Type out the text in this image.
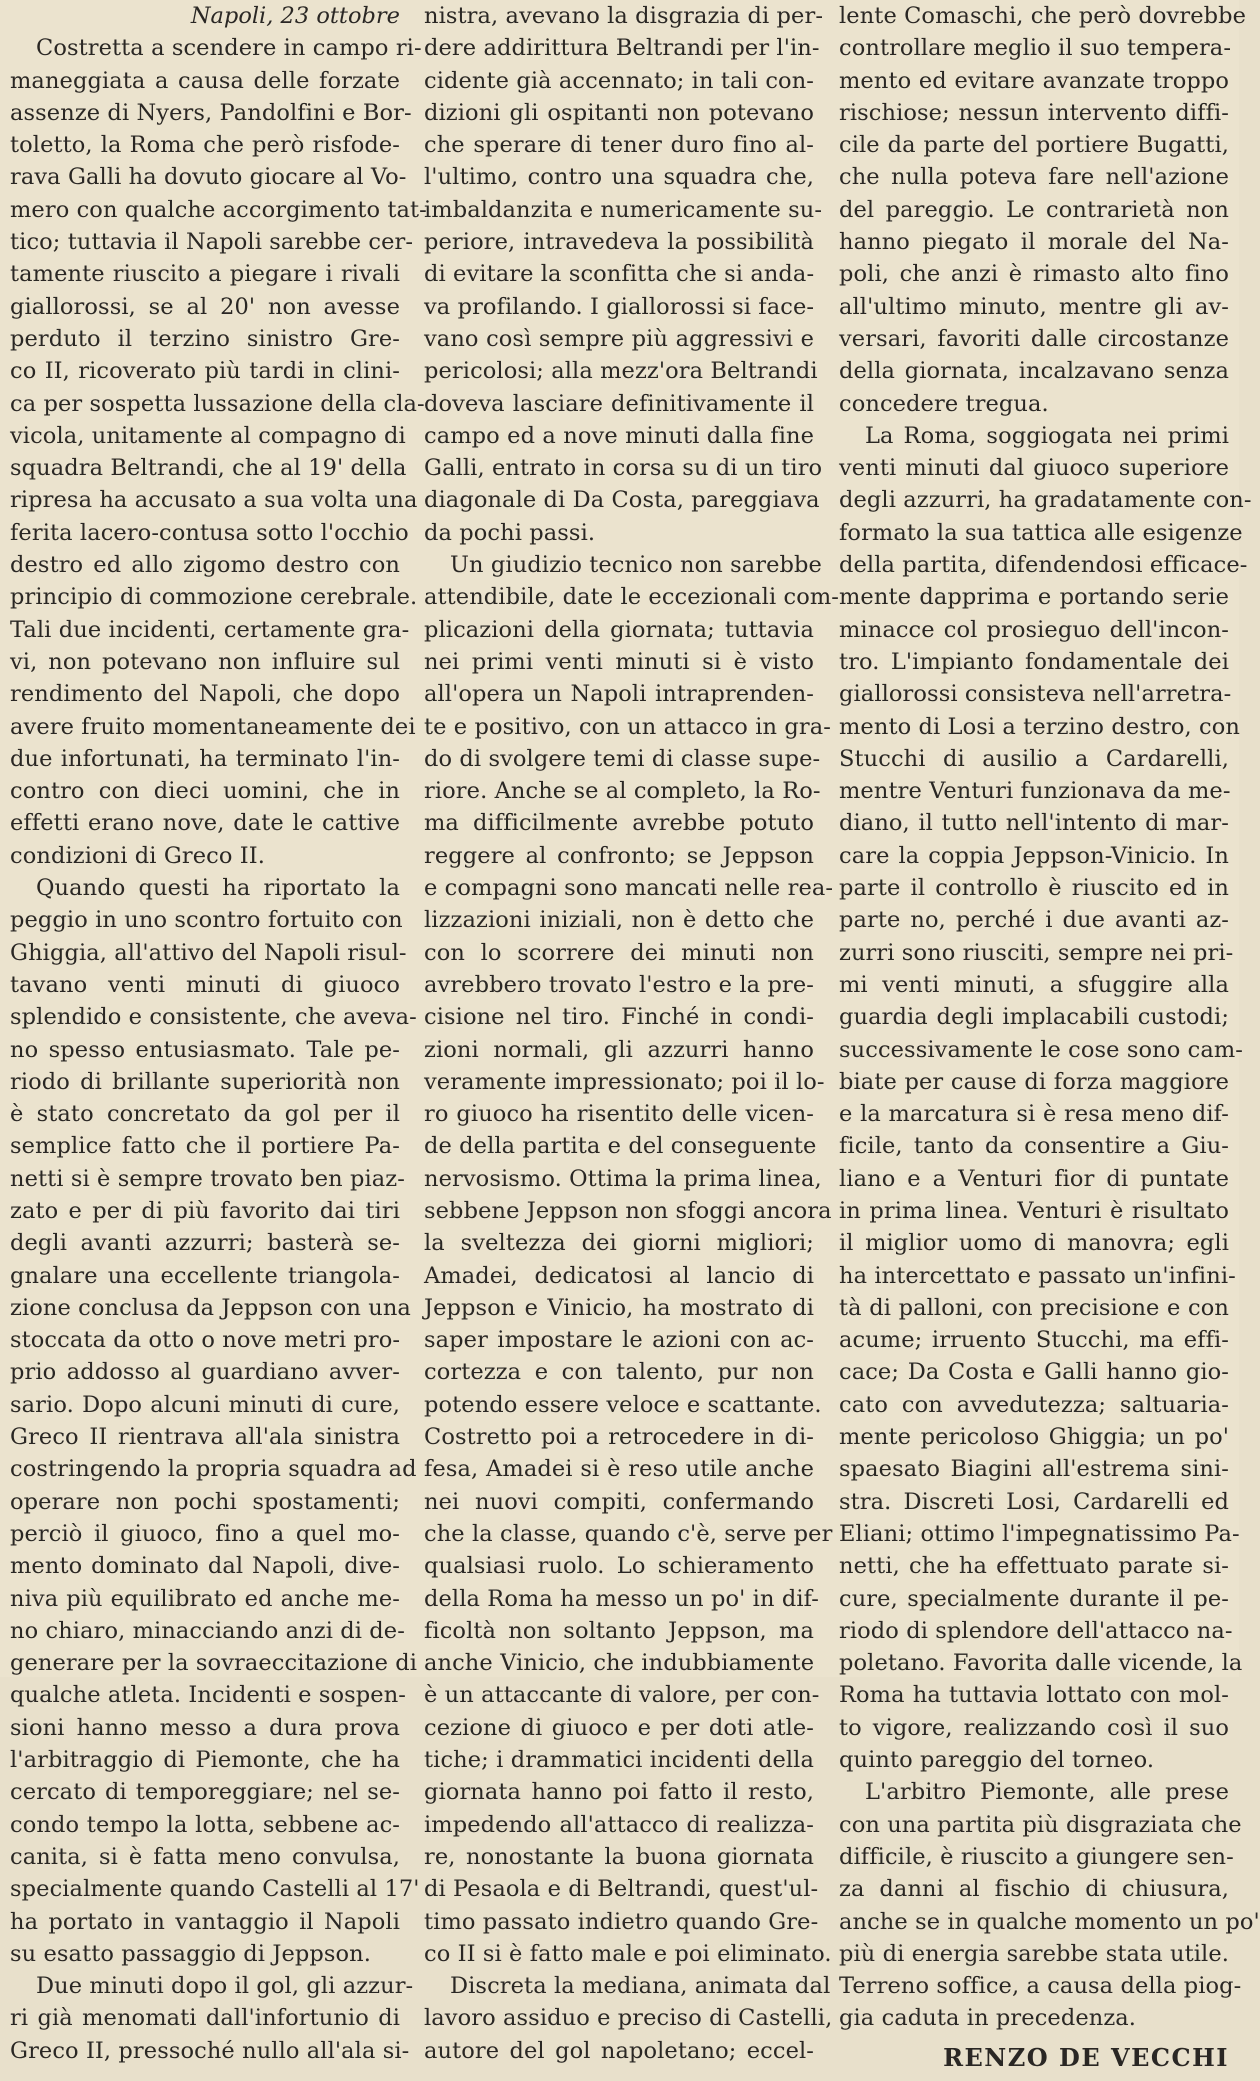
Napoli, 23 ottobre
Costretta a scendere in campo ri-
maneggiata a causa delle forzate
assenze di Nyers, Pandolfini e Bor-
toletto, la Roma che però risfode-
rava Galli ha dovuto giocare al Vo-
mero con qualche accorgimento tat-
tico; tuttavia il Napoli sarebbe cer-
tamente riuscito a piegare i rivali
giallorossi, se al 20' non avesse
perduto il terzino sinistro Gre-
co II, ricoverato più tardi in clini-
ca per sospetta lussazione della cla-
vicola, unitamente al compagno di
squadra Beltrandi, che al 19' della
ripresa ha accusato a sua volta una
ferita lacero-contusa sotto l'occhio
destro ed allo zigomo destro con
principio di commozione cerebrale.
Tali due incidenti, certamente gra-
vi, non potevano non influire sul
rendimento del Napoli, che dopo
avere fruito momentaneamente dei
due infortunati, ha terminato l'in-
contro con dieci uomini, che in
effetti erano nove, date le cattive
condizioni di Greco II.
Quando questi ha riportato la
peggio in uno scontro fortuito con
Ghiggia, all'attivo del Napoli risul-
tavano venti minuti di giuoco
splendido e consistente, che aveva-
no spesso entusiasmato. Tale pe-
riodo di brillante superiorità non
è stato concretato da gol per il
semplice fatto che il portiere Pa-
netti si è sempre trovato ben piaz-
zato e per di più favorito dai tiri
degli avanti azzurri; basterà se-
gnalare una eccellente triangola-
zione conclusa da Jeppson con una
stoccata da otto o nove metri pro-
prio addosso al guardiano avver-
sario. Dopo alcuni minuti di cure,
Greco II rientrava all'ala sinistra
costringendo la propria squadra ad
operare non pochi spostamenti;
perciò il giuoco, fino a quel mo-
mento dominato dal Napoli, dive-
niva più equilibrato ed anche me-
no chiaro, minacciando anzi di de-
generare per la sovraeccitazione di
qualche atleta. Incidenti e sospen-
sioni hanno messo a dura prova
l'arbitraggio di Piemonte, che ha
cercato di temporeggiare; nel se-
condo tempo la lotta, sebbene ac-
canita, si è fatta meno convulsa,
specialmente quando Castelli al 17'
ha portato in vantaggio il Napoli
su esatto passaggio di Jeppson.
Due minuti dopo il gol, gli azzur-
ri già menomati dall'infortunio di
Greco II, pressoché nullo all'ala si-
nistra, avevano la disgrazia di per-
dere addirittura Beltrandi per l'in-
cidente già accennato; in tali con-
dizioni gli ospitanti non potevano
che sperare di tener duro fino al-
l'ultimo, contro una squadra che,
imbaldanzita e numericamente su-
periore, intravedeva la possibilità
di evitare la sconfitta che si anda-
va profilando. I giallorossi si face-
vano così sempre più aggressivi e
pericolosi; alla mezz'ora Beltrandi
doveva lasciare definitivamente il
campo ed a nove minuti dalla fine
Galli, entrato in corsa su di un tiro
diagonale di Da Costa, pareggiava
da pochi passi.
Un giudizio tecnico non sarebbe
attendibile, date le eccezionali com-
plicazioni della giornata; tuttavia
nei primi venti minuti si è visto
all'opera un Napoli intraprenden-
te e positivo, con un attacco in gra-
do di svolgere temi di classe supe-
riore. Anche se al completo, la Ro-
ma difficilmente avrebbe potuto
reggere al confronto; se Jeppson
e compagni sono mancati nelle rea-
lizzazioni iniziali, non è detto che
con lo scorrere dei minuti non
avrebbero trovato l'estro e la pre-
cisione nel tiro. Finché in condi-
zioni normali, gli azzurri hanno
veramente impressionato; poi il lo-
ro giuoco ha risentito delle vicen-
de della partita e del conseguente
nervosismo. Ottima la prima linea,
sebbene Jeppson non sfoggi ancora
la sveltezza dei giorni migliori;
Amadei, dedicatosi al lancio di
Jeppson e Vinicio, ha mostrato di
saper impostare le azioni con ac-
cortezza e con talento, pur non
potendo essere veloce e scattante.
Costretto poi a retrocedere in di-
fesa, Amadei si è reso utile anche
nei nuovi compiti, confermando
che la classe, quando c'è, serve per
qualsiasi ruolo. Lo schieramento
della Roma ha messo un po' in dif-
ficoltà non soltanto Jeppson, ma
anche Vinicio, che indubbiamente
è un attaccante di valore, per con-
cezione di giuoco e per doti atle-
tiche; i drammatici incidenti della
giornata hanno poi fatto il resto,
impedendo all'attacco di realizza-
re, nonostante la buona giornata
di Pesaola e di Beltrandi, quest'ul-
timo passato indietro quando Gre-
co II si è fatto male e poi eliminato.
Discreta la mediana, animata dal
lavoro assiduo e preciso di Castelli,
autore del gol napoletano; eccel-
lente Comaschi, che però dovrebbe
controllare meglio il suo tempera-
mento ed evitare avanzate troppo
rischiose; nessun intervento diffi-
cile da parte del portiere Bugatti,
che nulla poteva fare nell'azione
del pareggio. Le contrarietà non
hanno piegato il morale del Na-
poli, che anzi è rimasto alto fino
all'ultimo minuto, mentre gli av-
versari, favoriti dalle circostanze
della giornata, incalzavano senza
concedere tregua.
La Roma, soggiogata nei primi
venti minuti dal giuoco superiore
degli azzurri, ha gradatamente con-
formato la sua tattica alle esigenze
della partita, difendendosi efficace-
mente dapprima e portando serie
minacce col prosieguo dell'incon-
tro. L'impianto fondamentale dei
giallorossi consisteva nell'arretra-
mento di Losi a terzino destro, con
Stucchi di ausilio a Cardarelli,
mentre Venturi funzionava da me-
diano, il tutto nell'intento di mar-
care la coppia Jeppson-Vinicio. In
parte il controllo è riuscito ed in
parte no, perché i due avanti az-
zurri sono riusciti, sempre nei pri-
mi venti minuti, a sfuggire alla
guardia degli implacabili custodi;
successivamente le cose sono cam-
biate per cause di forza maggiore
e la marcatura si è resa meno dif-
ficile, tanto da consentire a Giu-
liano e a Venturi fior di puntate
in prima linea. Venturi è risultato
il miglior uomo di manovra; egli
ha intercettato e passato un'infini-
tà di palloni, con precisione e con
acume; irruento Stucchi, ma effi-
cace; Da Costa e Galli hanno gio-
cato con avvedutezza; saltuaria-
mente pericoloso Ghiggia; un po'
spaesato Biagini all'estrema sini-
stra. Discreti Losi, Cardarelli ed
Eliani; ottimo l'impegnatissimo Pa-
netti, che ha effettuato parate si-
cure, specialmente durante il pe-
riodo di splendore dell'attacco na-
poletano. Favorita dalle vicende, la
Roma ha tuttavia lottato con mol-
to vigore, realizzando così il suo
quinto pareggio del torneo.
L'arbitro Piemonte, alle prese
con una partita più disgraziata che
difficile, è riuscito a giungere sen-
za danni al fischio di chiusura,
anche se in qualche momento un po'
più di energia sarebbe stata utile.
Terreno soffice, a causa della piog-
gia caduta in precedenza.
RENZO DE VECCHI
